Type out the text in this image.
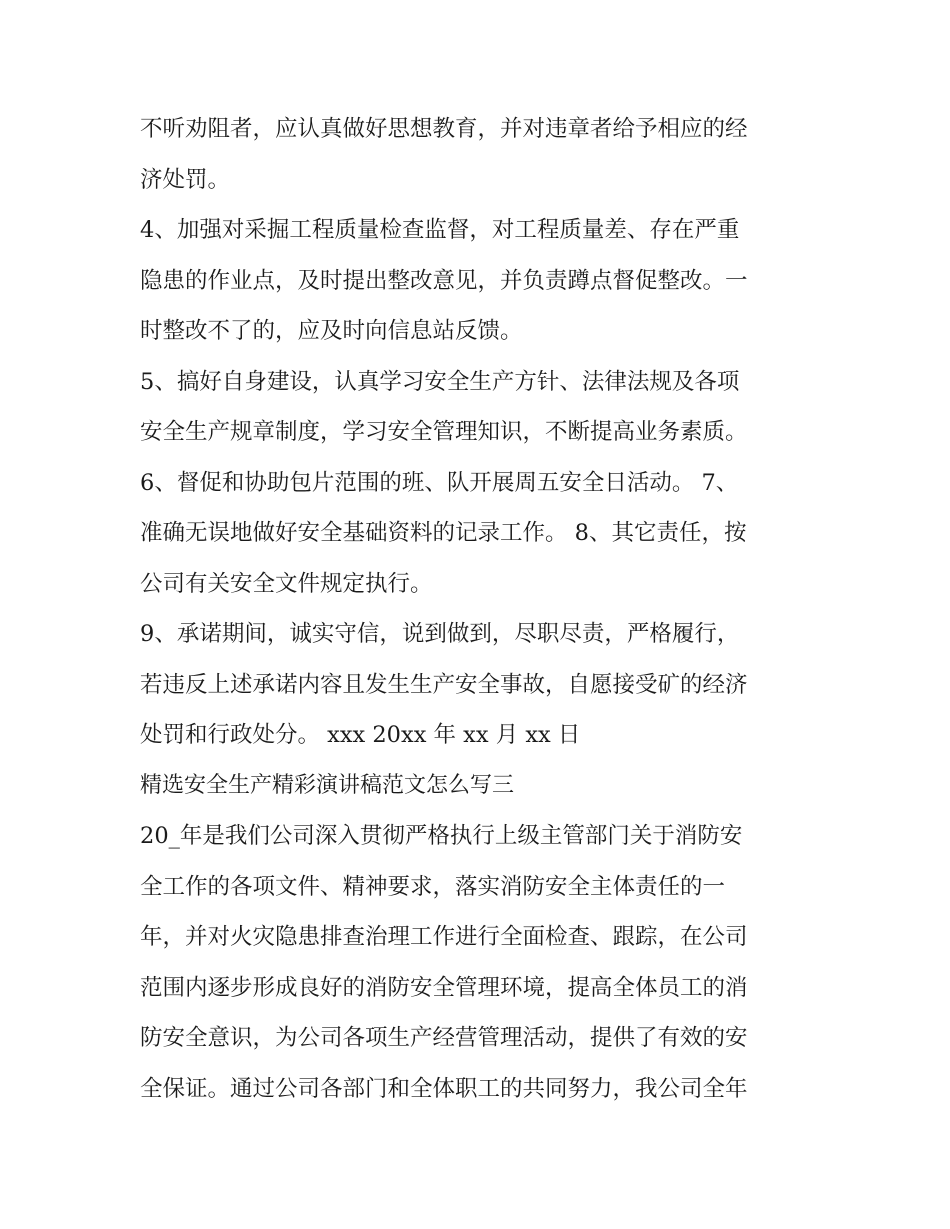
不听劝阻者，应认真做好思想教育，并对违章者给予相应的经
济处罚。
4、加强对采掘工程质量检查监督，对工程质量差、存在严重
隐患的作业点，及时提出整改意见，并负责蹲点督促整改。一
时整改不了的，应及时向信息站反馈。
5、搞好自身建设，认真学习安全生产方针、法律法规及各项
安全生产规章制度，学习安全管理知识，不断提高业务素质。
6、督促和协助包片范围的班、队开展周五安全日活动。 7、
准确无误地做好安全基础资料的记录工作。 8、其它责任，按
公司有关安全文件规定执行。
9、承诺期间，诚实守信，说到做到，尽职尽责，严格履行，
若违反上述承诺内容且发生生产安全事故，自愿接受矿的经济
处罚和行政处分。 xxx 20xx 年 xx 月 xx 日
精选安全生产精彩演讲稿范文怎么写三
20_年是我们公司深入贯彻严格执行上级主管部门关于消防安
全工作的各项文件、精神要求，落实消防安全主体责任的一
年，并对火灾隐患排查治理工作进行全面检查、跟踪，在公司
范围内逐步形成良好的消防安全管理环境，提高全体员工的消
防安全意识，为公司各项生产经营管理活动，提供了有效的安
全保证。通过公司各部门和全体职工的共同努力，我公司全年
